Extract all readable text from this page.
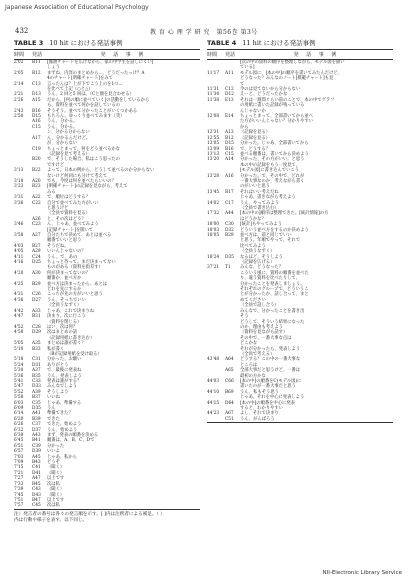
Japanese Association of Educational Psychology
432	教 育 心 理 学 研 究　第56巻 第3号
TABLE 3 10 hit における発話事例
時間	発話	発 話 事 例
2'02	B11	[醤油チャートを広げながら、家の中学生を話しにくい]
しょう
2'05	B12	まずね、内容のまとめから...、どうだったっけ？A
4のチャート[明確チャート]をみて
2'14	C13	言ったんは？上が下でこう上のを1つ...
を比べて上記（○と△）
2'21	D13	うん、2 回と5 回は。（Cと顔を見合わせる）
2'26	A15	だから、[何の順に並べていく]の活動をしているから
ら、資料を並べて何かを話しているの
2'43	B16	そうそう。並べて分かったことがいくつかある
2'50	D15	もちろん。ゆっくり並べてみます（笑）
A16	うん、分かる。
C15	うん、分かる。
ン、分かる分からない
A17	ん、分かるんだけど。
が、分からない
C19	ちょっとまって、何をどう並べるかな
（記録を見て考える）
B20	で、そうした場合、私はこう思ったの
ですけど
3'13	B22	よって、日本の例から、どうして並べるのか分からない
ないけど何回にも分けて考えて
3'18	A20	でも、今度は何を並べたらいいの？
3'23	B23	[明確チャート]の記録を見ながら、考えて
みる
3'31	A22	で、順位はどうする？
3'36	C22	自分で並べてみた方がいい
と思うけど
（全員で資料を見る）
A26	と、その次はどう？
3'46	C23	ん、じゃあ、並べてみよう
[記録チャート]を開いて
3'58	A27	自分たちで決めて、あとは並べる
順番でいいと思う
4'03	B27	そうだね。
4'05	A29	いいんじゃないの？
4'11	C24	うん、で、あの
4'16	D25	ちょっと待って。まだ決まってない
ものがある（資料を指差す）
4'20	A30	何が決まってないの？
順番か、並べ方か
4'25	B29	並べ方は決まったから、あとは
どれを先にするか
4'31	C26	こっちが先の方がいいと思う
4'36	D27	うん、そっちでいい
（全員うなずく）
4'42	A33	じゃあ、これで決まりね
4'47	B31	決まり。次に行こう
（資料を閉じる）
4'52	C28	はい、次は何？
4'58	D29	次はまとめの話
（記録用紙に書き込む）
5'05	A35	まとめは誰が書く？
5'10	B33	私が書く
（Bが記録用紙を受け取る）
5'18	C31	分かった、お願い
5'24	D31	ありがとう
5'30	A37	で、最後に発表ね
5'36	B35	うん、発表しよう
5'41	C33	発表は誰がする？
5'47	D33	みんなでしよう
5'52	A39	そうしよう
5'58	B37	いいね
6'03	C35	じゃあ、準備する
6'09	D35	うん
6'14	A41	準備できた？
6'20	B39	できた
6'26	C37	できた。始めよう
6'32	D37	うん、始めよう
6'38	A43	まず、発表の順番を決める
6'45	B41	順番は、A、B、C、Dで
6'51	C39	分かった
6'57	D39	いいよ
7'03	A45	じゃあ、私から
7'09	B43	どうぞ
7'15	C41	（聞く）
7'21	D41	（聞く）
7'27	A47	以上です
7'33	B45	次は私
7'39	C43	（聞く）
7'45	D43	（聞く）
7'51	B47	以上です
7'57	C45	次は私
注）発言者の番号は各々の発言順を示す。[ ]内は注釈者による補足。（ ）
内は行動や様子を表す。以下同じ。
TABLE 4 11 hit における発話事例
時間	発話	発 話 事 例
[次の中の資料の順序を整理しながら、モデル図を描い
ている]
11'17	A11	モデル図に、[本の中]の順序を書いてみたんだけど、
どうなった？みんなのノート[模範チャート]も見
て
11'31	C12	今のは見てないから分からない
11'34	D12	えーと、どうだったかな
11'38	E13	それは一週間ぐらい前のことで、本の中でグラフ
の用紙に書いた記録が残っている
んじゃないか
12'08	E14	ちょっとまって、全部書いてから並べ
た方がいいんじゃない？分かりやすい
から
12'31	A13	（記録を見る）
12'55	B12	（記録を見る）
13'05	D15	分かった。じゃあ、全部書いてから
13'09	B16	で、どうする？
13'13	C15	並べる順番は、書いてから決めよう
13'20	A14	分かった、その方がいい。と思う
本の中の記録をもう一度見て、
[モデル図]に書き込んでいこう
13'28	A16	分かった。で、その中で、どれが
一番大事なのか、考えながら書く
のがいいと思う
13'45	B17	それはいい考えだね
じゃあ、書きながら考えよう
14'02	C17	うん、やってみよう
（全員で書き込む）
17'32	A44	[本の中の]順序は整理できた。[統計情報]の方
はどうかな？
18'00	C30	[統計]もやってみよう
18'03	D32	どういう並べ方をするのか決めよう
18'05	B29	並べ方は、前と同じでいい
と思う。年順でやって、それで
比べてみよう
（全員うなずく）
18'24	D35	なるほど、そうしよう
（記録を広げる）
37'21	T1	みんな、どうなった？
こういう風に、資料の順番を並べた
り、違う資料を比べたりして、
分かったことを発表しましょう。
それぞれのグループで、どういうこ
とが分かったか、話し合って、まと
めてください
（全員で話し合う）
みんなで、分かったことを書き出
そう
どうして、そういう結果になった
のか、理由も考えよう
（資料を見ながら話す）
その中で、一番大事な点は
どこかな
それが分かったら、発表しよう
（全員で考える）
43'48	A64	どうする？この中の一番大事な
ところは
A65	全部大事だと思うけど、一番は
最初の方かな
44'03	C66	[本の中]の順番をC(モデル図)に
書いたのが一番大事だと思う
44'10	B69	うん、私もそう思う
じゃあ、それを中心に発表しよう
44'15	D64	[本の中]の順番を中心に発表
すると、わかりやすい
44'23	A67	よし、それで決まり
C51	うん、がんばろう
NII-Electronic Library Service
